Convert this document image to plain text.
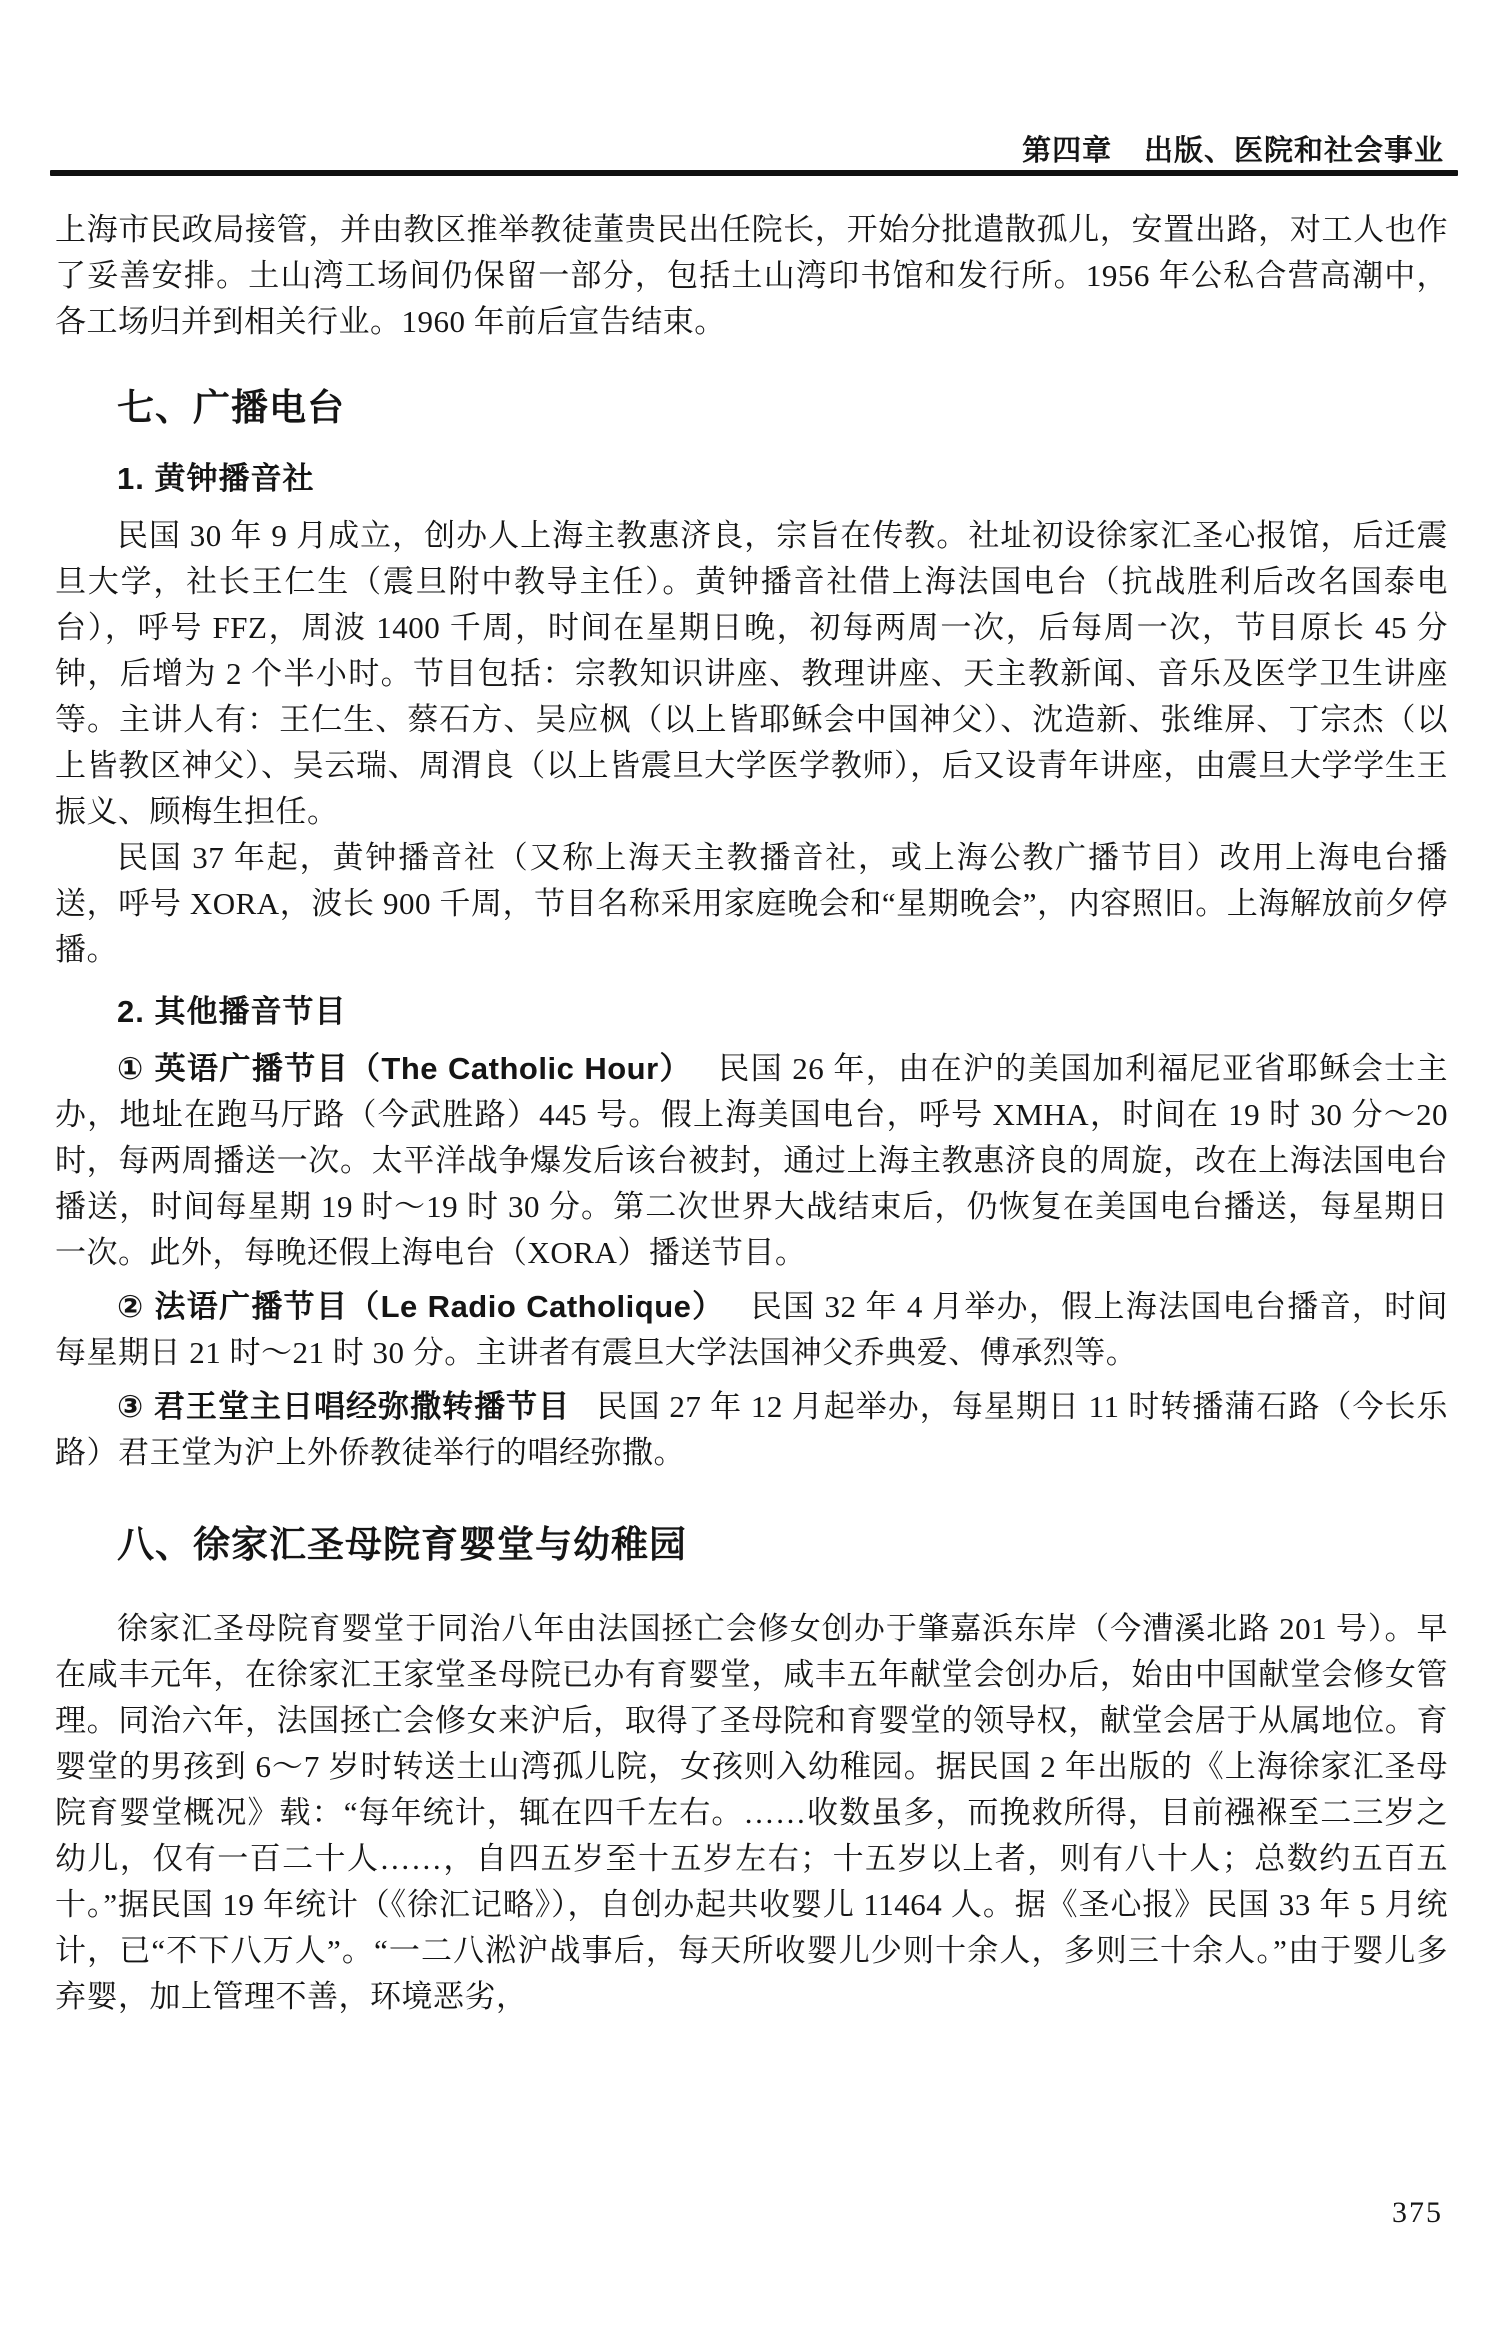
第四章 出版、医院和社会事业

上海市民政局接管，并由教区推举教徒董贵民出任院长，开始分批遣散孤儿，安置出路，对工人也作了妥善安排。土山湾工场间仍保留一部分，包括土山湾印书馆和发行所。1956 年公私合营高潮中，各工场归并到相关行业。1960 年前后宣告结束。

七、广播电台
1. 黄钟播音社

民国 30 年 9 月成立，创办人上海主教惠济良，宗旨在传教。社址初设徐家汇圣心报馆，后迁震旦大学，社长王仁生（震旦附中教导主任）。黄钟播音社借上海法国电台（抗战胜利后改名国泰电台），呼号 FFZ，周波 1400 千周，时间在星期日晚，初每两周一次，后每周一次，节目原长 45 分钟，后增为 2 个半小时。节目包括：宗教知识讲座、教理讲座、天主教新闻、音乐及医学卫生讲座等。主讲人有：王仁生、蔡石方、吴应枫（以上皆耶稣会中国神父）、沈造新、张维屏、丁宗杰（以上皆教区神父）、吴云瑞、周渭良（以上皆震旦大学医学教师），后又设青年讲座，由震旦大学学生王振义、顾梅生担任。

民国 37 年起，黄钟播音社（又称上海天主教播音社，或上海公教广播节目）改用上海电台播送，呼号 XORA，波长 900 千周，节目名称采用家庭晚会和“星期晚会”，内容照旧。上海解放前夕停播。

2. 其他播音节目

① 英语广播节目（The Catholic Hour） 民国 26 年，由在沪的美国加利福尼亚省耶稣会士主办，地址在跑马厅路（今武胜路）445 号。假上海美国电台，呼号 XMHA，时间在 19 时 30 分～20 时，每两周播送一次。太平洋战争爆发后该台被封，通过上海主教惠济良的周旋，改在上海法国电台播送，时间每星期 19 时～19 时 30 分。第二次世界大战结束后，仍恢复在美国电台播送，每星期日一次。此外，每晚还假上海电台（XORA）播送节目。

② 法语广播节目（Le Radio Catholique） 民国 32 年 4 月举办，假上海法国电台播音，时间每星期日 21 时～21 时 30 分。主讲者有震旦大学法国神父乔典爱、傅承烈等。

③ 君王堂主日唱经弥撒转播节目 民国 27 年 12 月起举办，每星期日 11 时转播蒲石路（今长乐路）君王堂为沪上外侨教徒举行的唱经弥撒。

八、徐家汇圣母院育婴堂与幼稚园

徐家汇圣母院育婴堂于同治八年由法国拯亡会修女创办于肇嘉浜东岸（今漕溪北路 201 号）。早在咸丰元年，在徐家汇王家堂圣母院已办有育婴堂，咸丰五年献堂会创办后，始由中国献堂会修女管理。同治六年，法国拯亡会修女来沪后，取得了圣母院和育婴堂的领导权，献堂会居于从属地位。育婴堂的男孩到 6～7 岁时转送土山湾孤儿院，女孩则入幼稚园。据民国 2 年出版的《上海徐家汇圣母院育婴堂概况》载：“每年统计，辄在四千左右。……收数虽多，而挽救所得，目前襁褓至二三岁之幼儿，仅有一百二十人……，自四五岁至十五岁左右；十五岁以上者，则有八十人；总数约五百五十。”据民国 19 年统计（《徐汇记略》），自创办起共收婴儿 11464 人。据《圣心报》民国 33 年 5 月统计，已“不下八万人”。“一二八淞沪战事后，每天所收婴儿少则十余人，多则三十余人。”由于婴儿多弃婴，加上管理不善，环境恶劣，

375
